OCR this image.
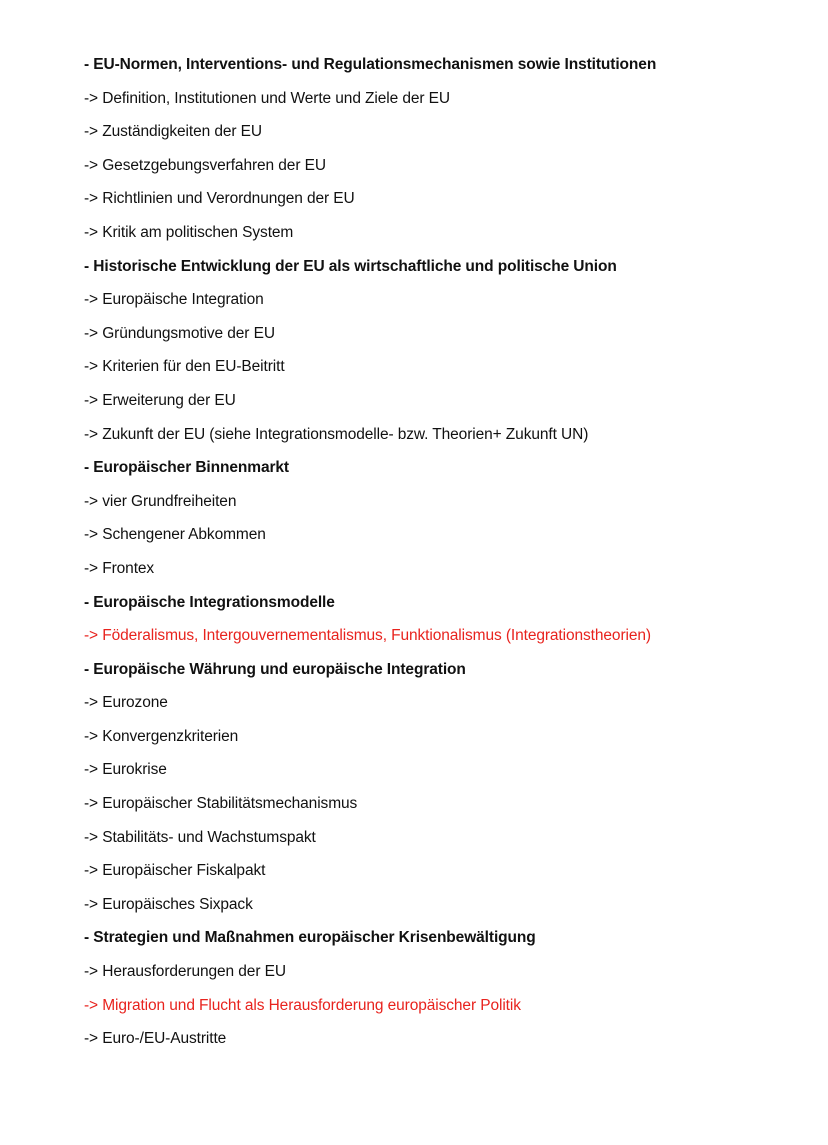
- EU-Normen, Interventions- und Regulationsmechanismen sowie Institutionen
-> Definition, Institutionen und Werte und Ziele der EU
-> Zuständigkeiten der EU
-> Gesetzgebungsverfahren der EU
-> Richtlinien und Verordnungen der EU
-> Kritik am politischen System
- Historische Entwicklung der EU als wirtschaftliche und politische Union
-> Europäische Integration
-> Gründungsmotive der EU
-> Kriterien für den EU-Beitritt
-> Erweiterung der EU
-> Zukunft der EU (siehe Integrationsmodelle- bzw. Theorien+ Zukunft UN)
- Europäischer Binnenmarkt
-> vier Grundfreiheiten
-> Schengener Abkommen
-> Frontex
- Europäische Integrationsmodelle
-> Föderalismus, Intergouvernementalismus, Funktionalismus (Integrationstheorien)
- Europäische Währung und europäische Integration
-> Eurozone
-> Konvergenzkriterien
-> Eurokrise
-> Europäischer Stabilitätsmechanismus
-> Stabilitäts- und Wachstumspakt
-> Europäischer Fiskalpakt
-> Europäisches Sixpack
- Strategien und Maßnahmen europäischer Krisenbewältigung
-> Herausforderungen der EU
-> Migration und Flucht als Herausforderung europäischer Politik
-> Euro-/EU-Austritte
